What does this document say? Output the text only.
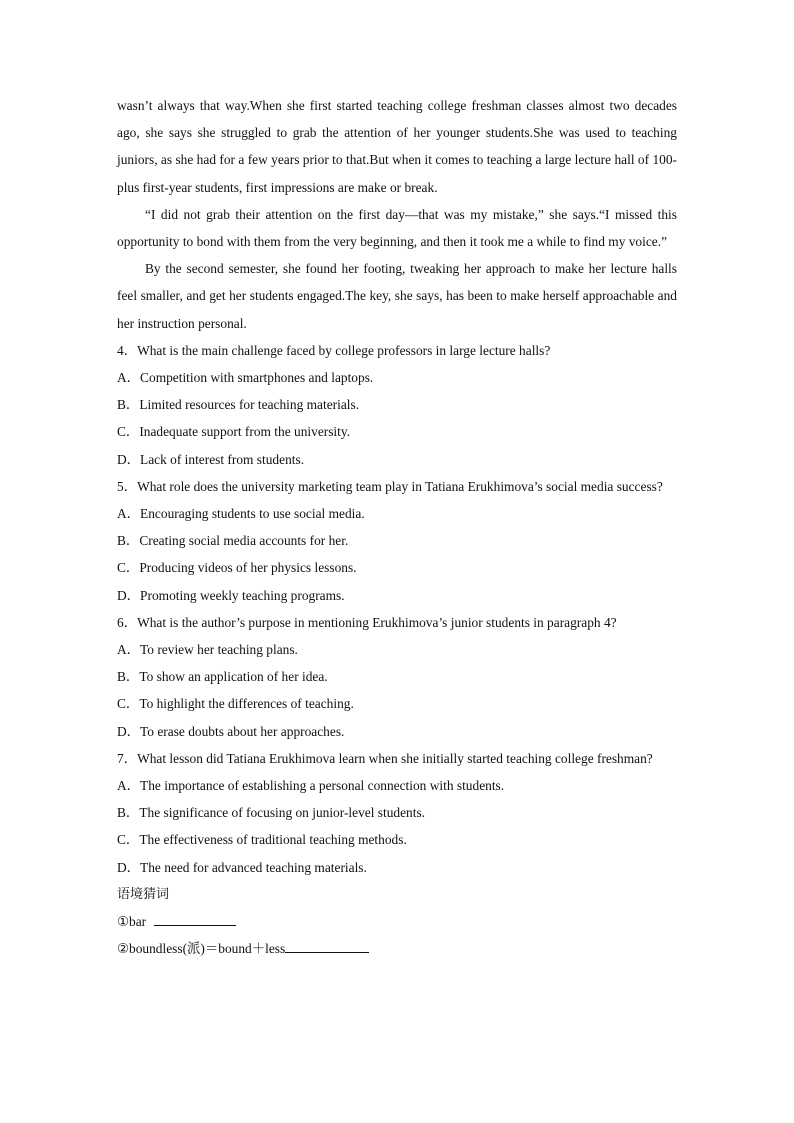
wasn’t always that way.When she first started teaching college freshman classes almost two decades ago, she says she struggled to grab the attention of her younger students.She was used to teaching juniors, as she had for a few years prior to that.But when it comes to teaching a large lecture hall of 100-plus first-year students, first impressions are make or break.

“I did not grab their attention on the first day—that was my mistake,” she says.“I missed this opportunity to bond with them from the very beginning, and then it took me a while to find my voice.”

By the second semester, she found her footing, tweaking her approach to make her lecture halls feel smaller, and get her students engaged.The key, she says, has been to make herself approachable and her instruction personal.

4．What is the main challenge faced by college professors in large lecture halls?

A．Competition with smartphones and laptops.

B．Limited resources for teaching materials.

C．Inadequate support from the university.

D．Lack of interest from students.

5．What role does the university marketing team play in Tatiana Erukhimova’s social media success?

A．Encouraging students to use social media.

B．Creating social media accounts for her.

C．Producing videos of her physics lessons.

D．Promoting weekly teaching programs.

6．What is the author’s purpose in mentioning Erukhimova’s junior students in paragraph 4?

A．To review her teaching plans.

B．To show an application of her idea.

C．To highlight the differences of teaching.

D．To erase doubts about her approaches.

7．What lesson did Tatiana Erukhimova learn when she initially started teaching college freshman?

A．The importance of establishing a personal connection with students.

B．The significance of focusing on junior-level students.

C．The effectiveness of traditional teaching methods.

D．The need for advanced teaching materials.

语境猜词

①bar

②boundless(派)＝bound＋less
